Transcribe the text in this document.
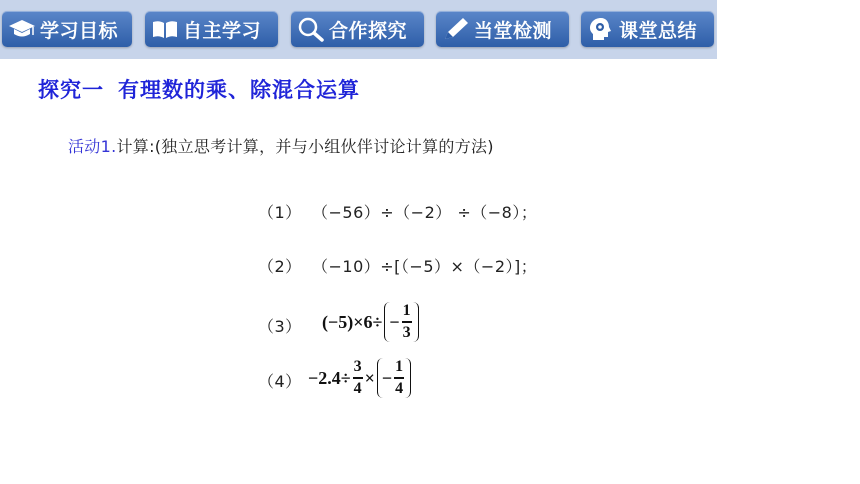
学习目标	自主学习	合作探究	当堂检测	课堂总结
探究一 有理数的乘、除混合运算
活动1.计算:(独立思考计算，并与小组伙伴讨论计算的方法)
（1） （−56）÷（−2） ÷（−8）；
（2） （−10）÷[（−5）×（−2）]；
（3）	$(-5)\times 6\div - \frac{1}{3}$
$(4) -2.4\div \frac{3}{4}$ × − $\frac{1}{4}$
